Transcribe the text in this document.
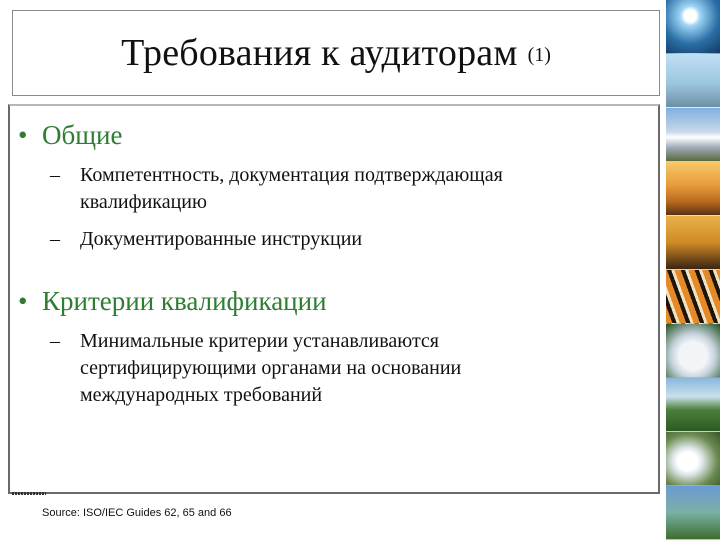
Требования к аудиторам (1)
• Общие
–	Компетентность, документация подтверждающая
квалификацию
–	Документированные инструкции
• Критерии квалификации
–	Минимальные критерии устанавливаются
сертифицирующими органами на основании
международных требований
Source: ISO/IEC Guides 62, 65 and 66
